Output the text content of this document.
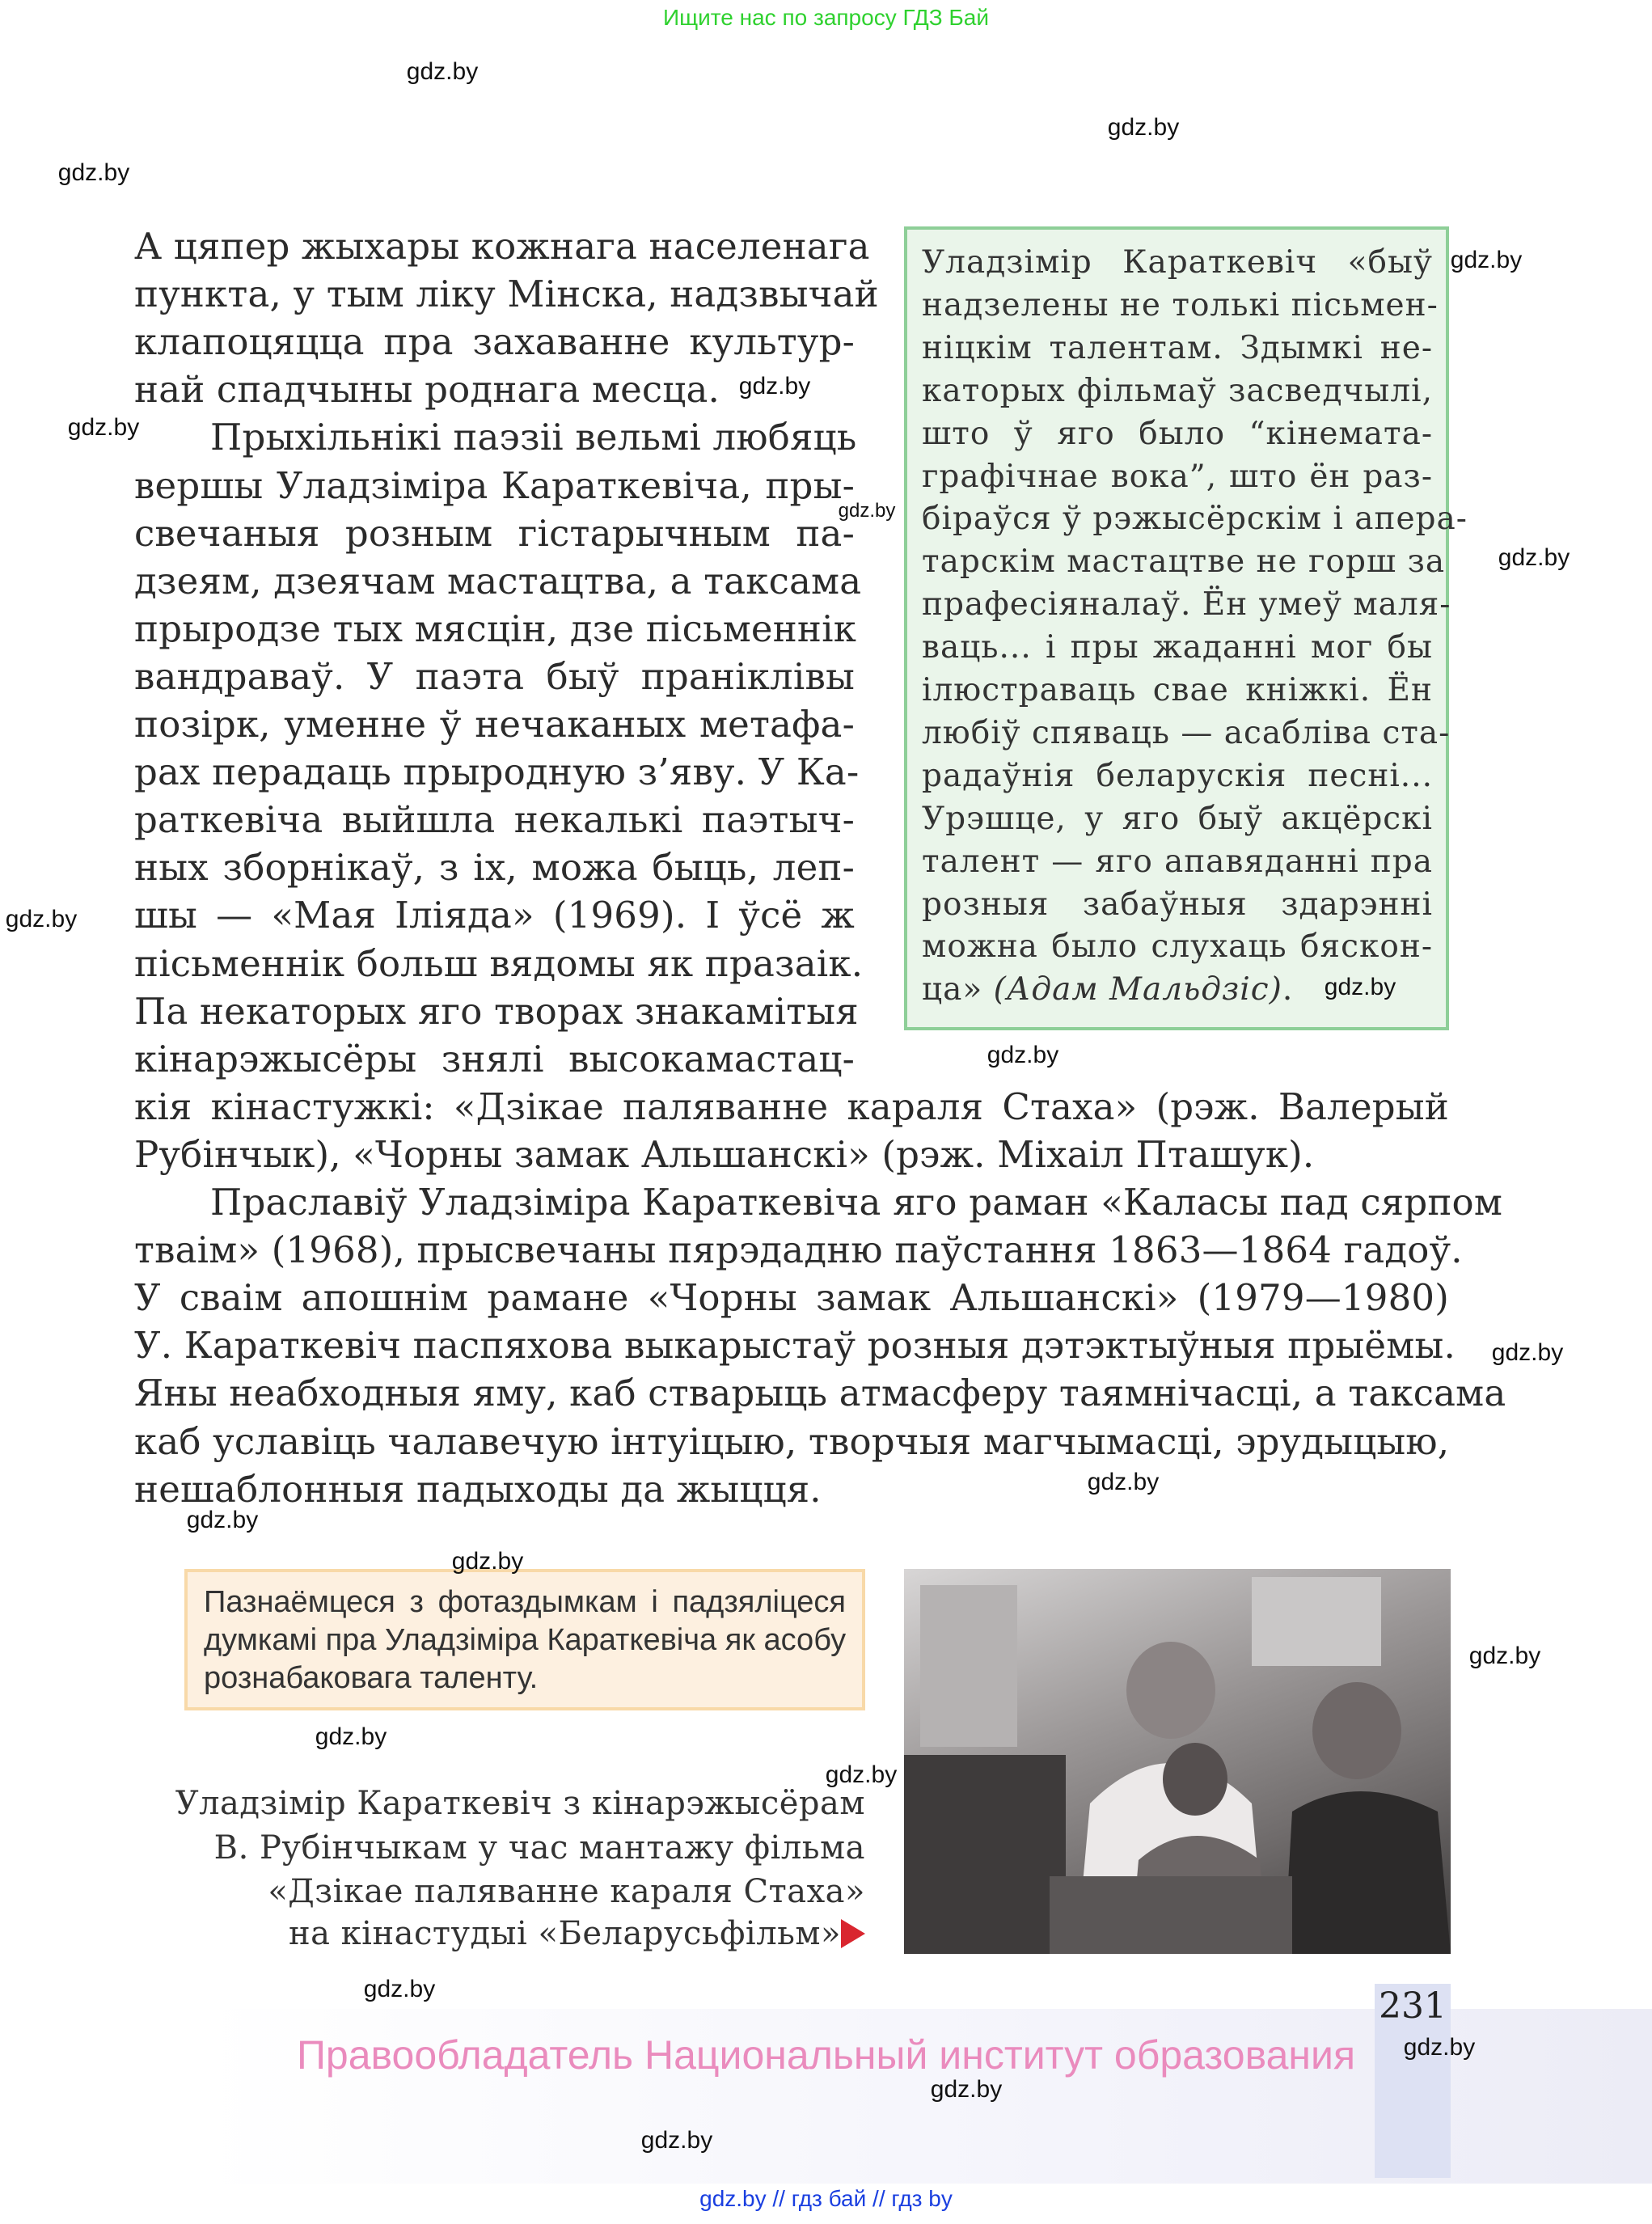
Ищите нас по запросу ГДЗ Бай
А цяпер жыхары кожнага населенага
пункта, у тым ліку Мінска, надзвычай
клапоцяцца пра захаванне культур-
най спадчыны роднага месца.
Прыхільнікі паэзіі вельмі любяць
вершы Уладзіміра Караткевіча, пры-
свечаныя розным гістарычным па-
дзеям, дзеячам мастацтва, а таксама
прыродзе тых мясцін, дзе пісьменнік
вандраваў. У паэта быў праніклівы
позірк, уменне ў нечаканых метафа-
рах перадаць прыродную з’яву. У Ка-
раткевіча выйшла некалькі паэтыч-
ных зборнікаў, з іх, можа быць, леп-
шы — «Мая Іліяда» (1969). І ўсё ж
пісьменнік больш вядомы як празаік.
Па некаторых яго творах знакамітыя
кінарэжысёры знялі высокамастац-
кія кінастужкі: «Дзікае паляванне караля Стаха» (рэж. Валерый
Рубінчык), «Чорны замак Альшанскі» (рэж. Міхаіл Пташук).
Праславіў Уладзіміра Караткевіча яго раман «Каласы пад сярпом
тваім» (1968), прысвечаны пярэдадню паўстання 1863—1864 гадоў.
У сваім апошнім рамане «Чорны замак Альшанскі» (1979—1980)
У. Караткевіч паспяхова выкарыстаў розныя дэтэктыўныя прыёмы.
Яны неабходныя яму, каб стварыць атмасферу таямнічасці, а таксама
каб уславіць чалавечую інтуіцыю, творчыя магчымасці, эрудыцыю,
нешаблонныя падыходы да жыцця.
Уладзімір Караткевіч «быў
надзелены не толькі пісьмен-
ніцкім талентам. Здымкі не-
каторых фільмаў засведчылі,
што ў яго было “кінемата-
графічнае вока”, што ён раз-
біраўся ў рэжысёрскім і апера-
тарскім мастацтве не горш за
прафесіяналаў. Ён умеў маля-
ваць... і пры жаданні мог бы
ілюстраваць свае кніжкі. Ён
любіў спяваць — асабліва ста-
радаўнія беларускія песні...
Урэшце, у яго быў акцёрскі
талент — яго апавяданні пра
розныя забаўныя здарэнні
можна было слухаць бяскон-
ца» (Адам Мальдзіс).
Пазнаёмцеся з фотаздымкам і падзяліцеся
думкамі пра Уладзіміра Караткевіча як асобу
рознабаковага таленту.
Уладзімір Караткевіч з кінарэжысёрам
В. Рубінчыкам у час мантажу фільма
«Дзікае паляванне караля Стаха»
на кінастудыі «Беларусьфільм»
231
Правообладатель Национальный институт образования
gdz.by // гдз бай // гдз by
gdz.by
gdz.by
gdz.by
gdz.by
gdz.by
gdz.by
gdz.by
gdz.by
gdz.by
gdz.by
gdz.by
gdz.by
gdz.by
gdz.by
gdz.by
gdz.by
gdz.by
gdz.by
gdz.by
gdz.by
gdz.by
gdz.by
